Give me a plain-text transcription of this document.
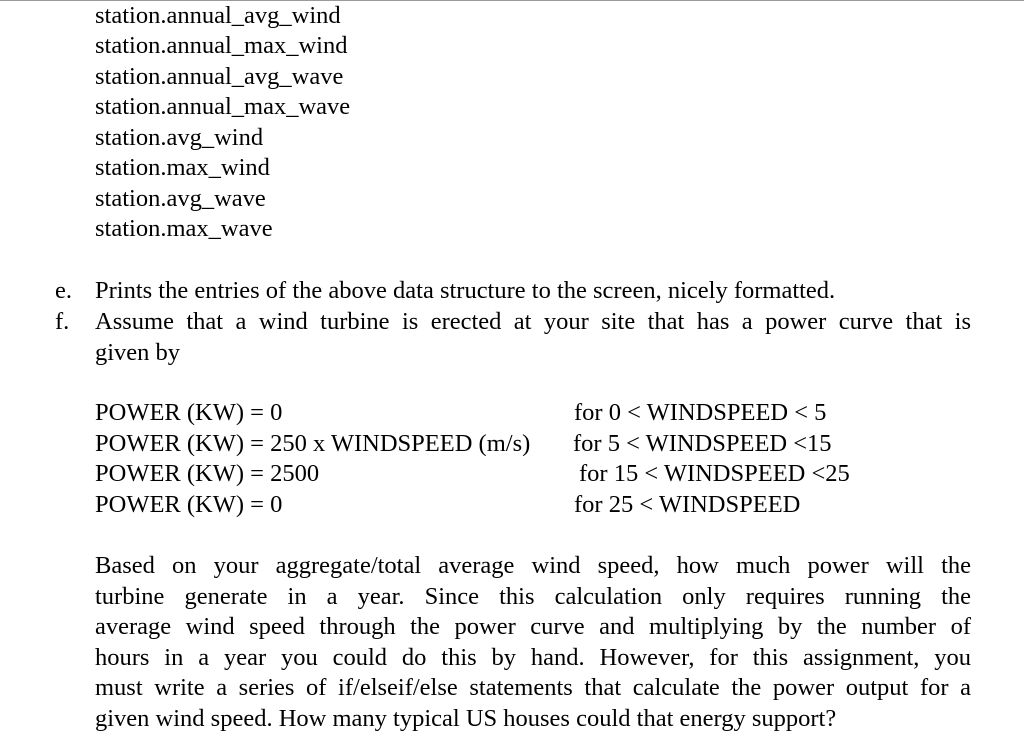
station.annual_avg_wind
station.annual_max_wind
station.annual_avg_wave
station.annual_max_wave
station.avg_wind
station.max_wind
station.avg_wave
station.max_wave
e. Prints the entries of the above data structure to the screen, nicely formatted.
f. Assume that a wind turbine is erected at your site that has a power curve that is
given by
POWER (KW) = 0	for 0 < WINDSPEED < 5
POWER (KW) = 250 x WINDSPEED (m/s) for 5 < WINDSPEED <15
POWER (KW) = 2500	for 15 < WINDSPEED <25
POWER (KW) = 0	for 25 < WINDSPEED
Based on your aggregate/total average wind speed, how much power will the
turbine generate in a year. Since this calculation only requires running the
average wind speed through the power curve and multiplying by the number of
hours in a year you could do this by hand. However, for this assignment, you
must write a series of if/elseif/else statements that calculate the power output for a
given wind speed. How many typical US houses could that energy support?
